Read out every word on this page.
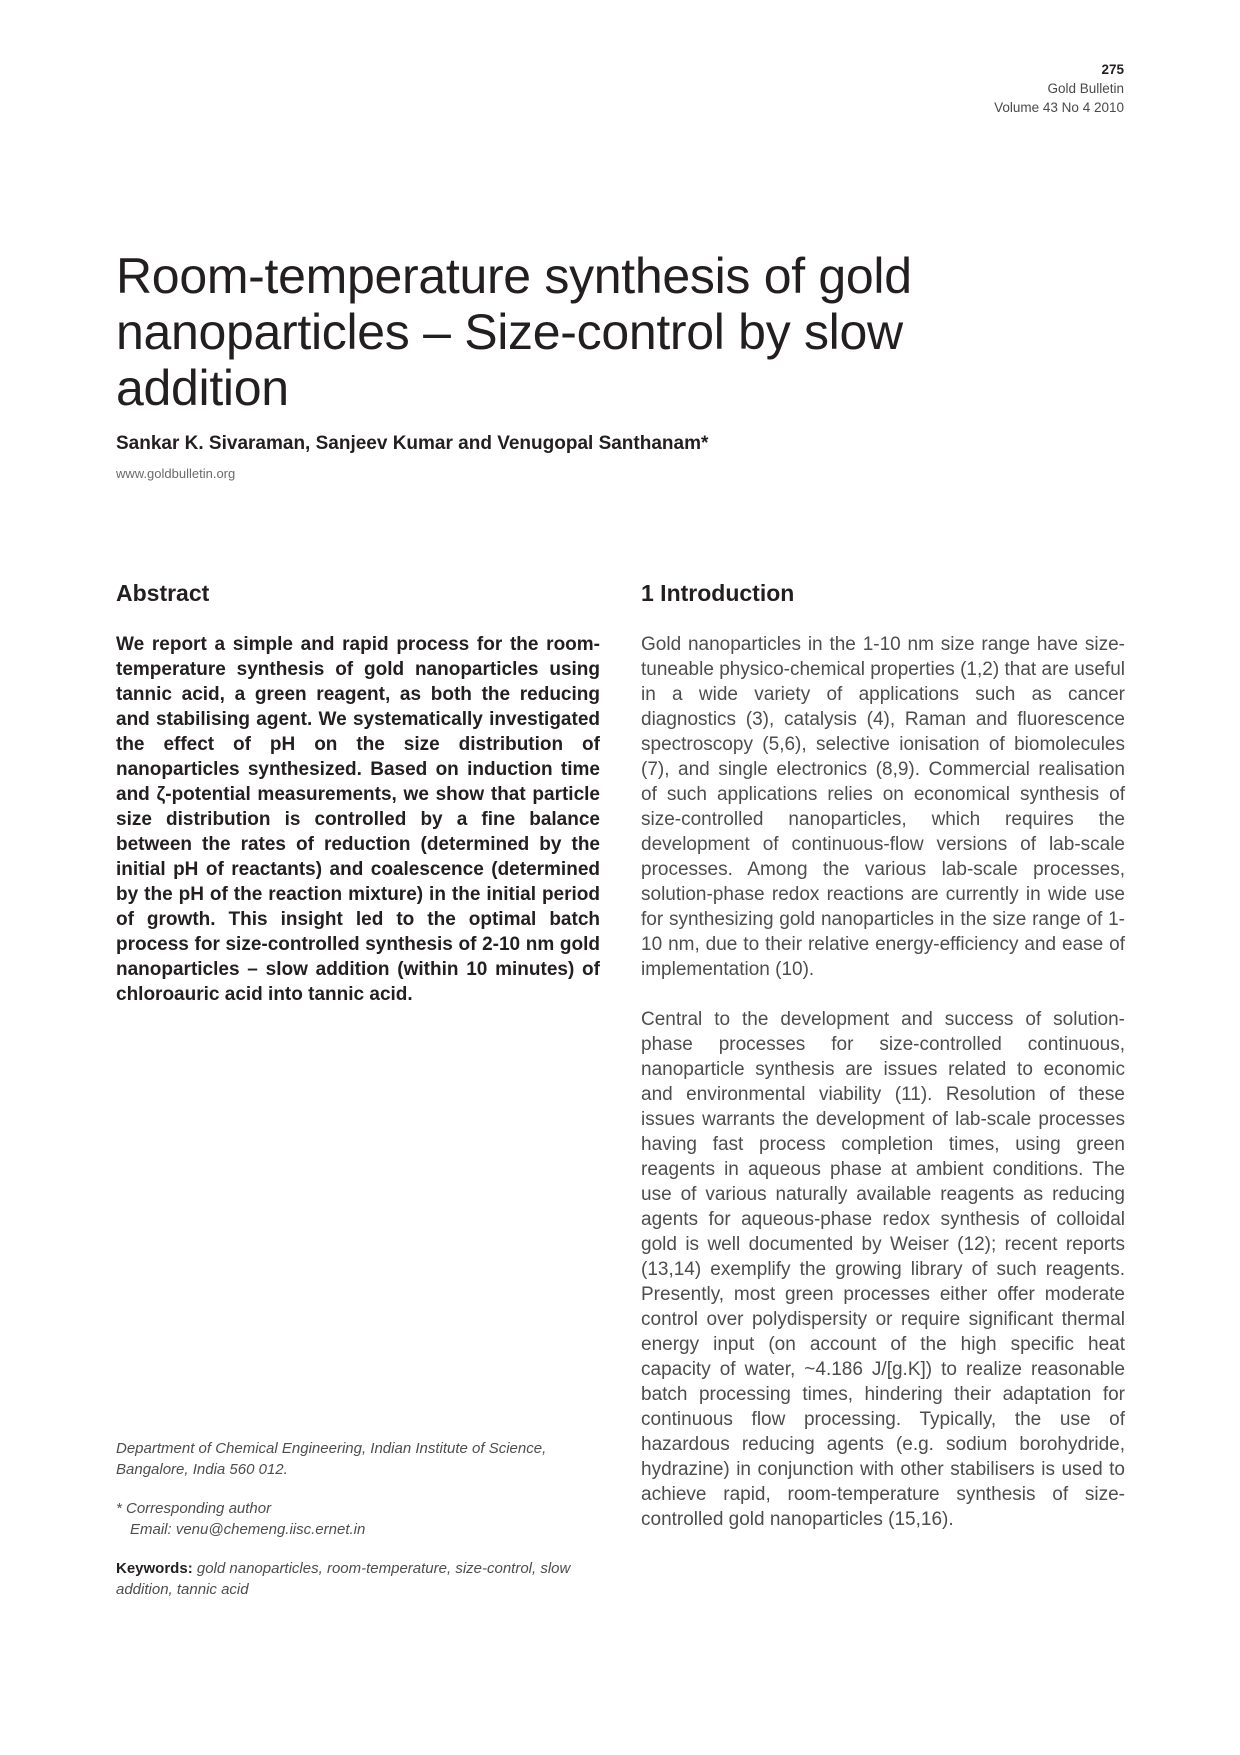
275
Gold Bulletin
Volume 43 No 4 2010
Room-temperature synthesis of gold nanoparticles – Size-control by slow addition

Sankar K. Sivaraman, Sanjeev Kumar and Venugopal Santhanam*

www.goldbulletin.org

Abstract

We report a simple and rapid process for the room-temperature synthesis of gold nanoparticles using tannic acid, a green reagent, as both the reducing and stabilising agent. We systematically investigated the effect of pH on the size distribution of nanoparticles synthesized. Based on induction time and ζ-potential measurements, we show that particle size distribution is controlled by a fine balance between the rates of reduction (determined by the initial pH of reactants) and coalescence (determined by the pH of the reaction mixture) in the initial period of growth. This insight led to the optimal batch process for size-controlled synthesis of 2-10 nm gold nanoparticles – slow addition (within 10 minutes) of chloroauric acid into tannic acid.

1 Introduction

Gold nanoparticles in the 1-10 nm size range have size-tuneable physico-chemical properties (1,2) that are useful in a wide variety of applications such as cancer diagnostics (3), catalysis (4), Raman and fluorescence spectroscopy (5,6), selective ionisation of biomolecules (7), and single electronics (8,9). Commercial realisation of such applications relies on economical synthesis of size-controlled nanoparticles, which requires the development of continuous-flow versions of lab-scale processes. Among the various lab-scale processes, solution-phase redox reactions are currently in wide use for synthesizing gold nanoparticles in the size range of 1-10 nm, due to their relative energy-efficiency and ease of implementation (10).

Central to the development and success of solution-phase processes for size-controlled continuous, nanoparticle synthesis are issues related to economic and environmental viability (11). Resolution of these issues warrants the development of lab-scale processes having fast process completion times, using green reagents in aqueous phase at ambient conditions. The use of various naturally available reagents as reducing agents for aqueous-phase redox synthesis of colloidal gold is well documented by Weiser (12); recent reports (13,14) exemplify the growing library of such reagents. Presently, most green processes either offer moderate control over polydispersity or require significant thermal energy input (on account of the high specific heat capacity of water, ~4.186 J/[g.K]) to realize reasonable batch processing times, hindering their adaptation for continuous flow processing. Typically, the use of hazardous reducing agents (e.g. sodium borohydride, hydrazine) in conjunction with other stabilisers is used to achieve rapid, room-temperature synthesis of size-controlled gold nanoparticles (15,16).

Department of Chemical Engineering, Indian Institute of Science, Bangalore, India 560 012.

* Corresponding author
Email: venu@chemeng.iisc.ernet.in

Keywords: gold nanoparticles, room-temperature, size-control, slow addition, tannic acid
